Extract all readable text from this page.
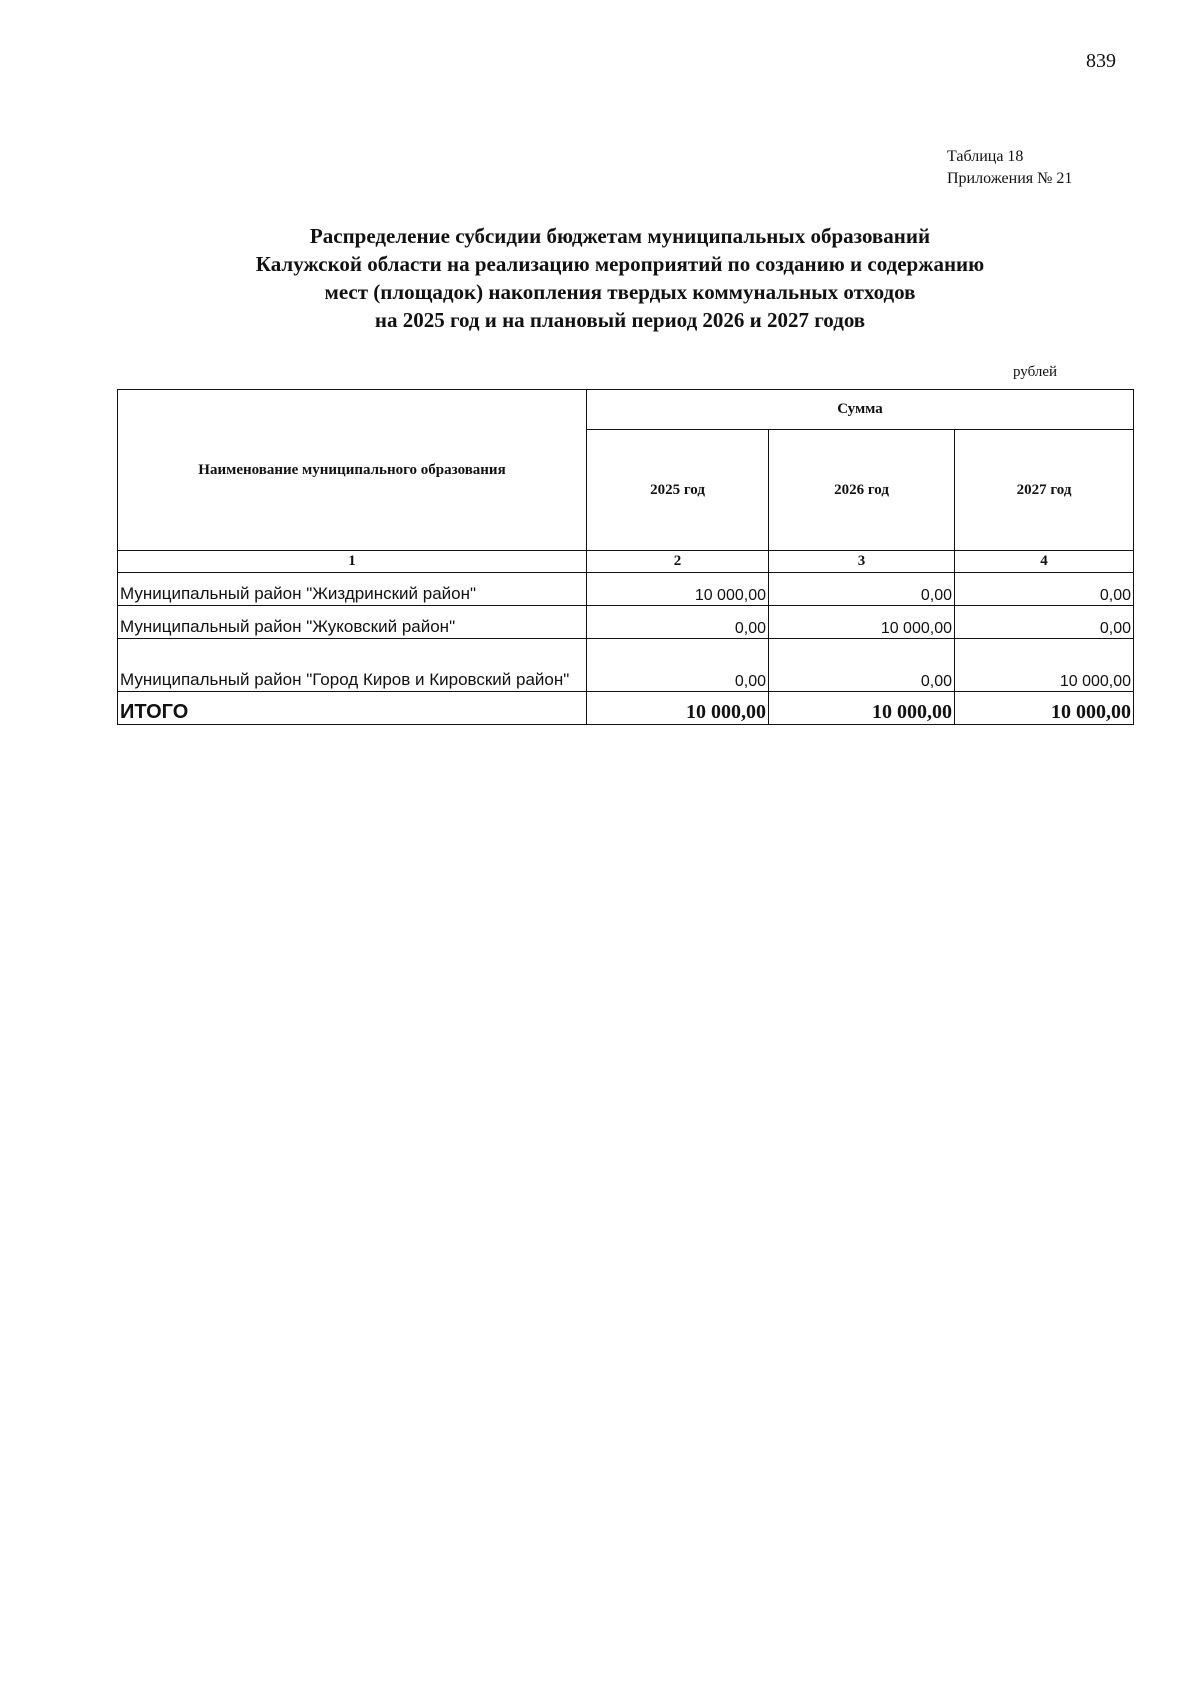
839
Таблица 18
Приложения № 21
Распределение субсидии бюджетам муниципальных образований
Калужской области на реализацию мероприятий по созданию и содержанию
мест (площадок) накопления твердых коммунальных отходов
на 2025 год и на плановый период 2026 и 2027 годов
рублей
Наименование муниципального образования	Сумма		
	2025 год	2026 год	2027 год
1	2	3	4
Муниципальный район "Жиздринский район"	10 000,00	0,00	0,00
Муниципальный район "Жуковский район"	0,00	10 000,00	0,00
Муниципальный район "Город Киров и Кировский район"	0,00	0,00	10 000,00
ИТОГО	10 000,00	10 000,00	10 000,00
